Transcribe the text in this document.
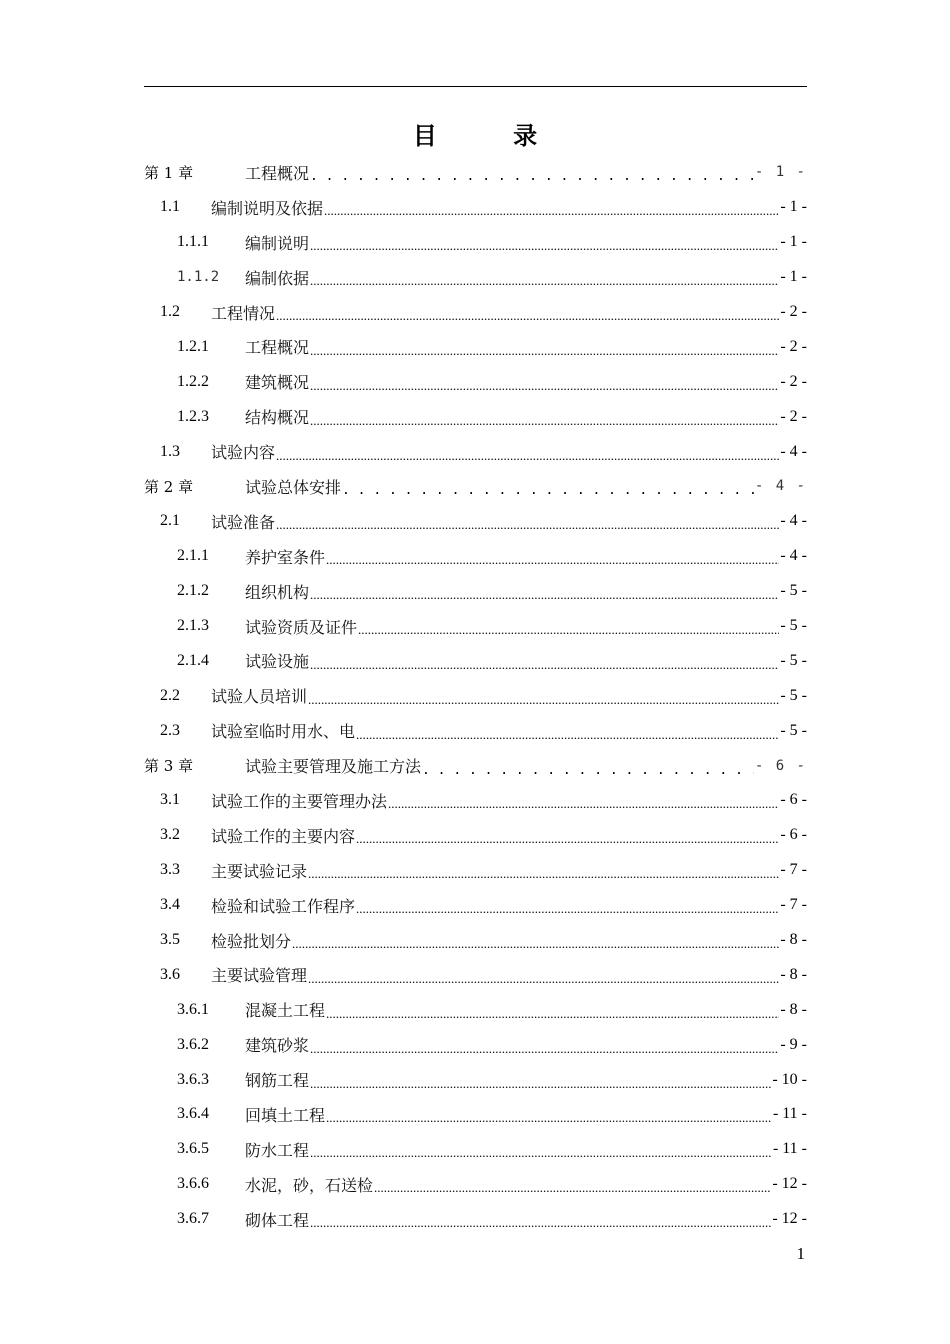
目 录
第 1 章	工程概况 . . .	- 1 -
1.1	编制说明及依据 .....	- 1 -
1.1.1	编制说明 .....	- 1 -
1.1.2	编制依据 .....	- 1 -
1.2	工程情况 .....	- 2 -
1.2.1	工程概况 .....	- 2 -
1.2.2	建筑概况 .....	- 2 -
1.2.3	结构概况 .....	- 2 -
1.3	试验内容 .....	- 4 -
第 2 章	试验总体安排 . . .	- 4 -
2.1	试验准备 .....	- 4 -
2.1.1	养护室条件 .....	- 4 -
2.1.2	组织机构 .....	- 5 -
2.1.3	试验资质及证件 .....	- 5 -
2.1.4	试验设施 .....	- 5 -
2.2	试验人员培训 .....	- 5 -
2.3	试验室临时用水、电 .....	- 5 -
第 3 章	试验主要管理及施工方法 . . .	- 6 -
3.1	试验工作的主要管理办法 .....	- 6 -
3.2	试验工作的主要内容 .....	- 6 -
3.3	主要试验记录 .....	- 7 -
3.4	检验和试验工作程序 .....	- 7 -
3.5	检验批划分 .....	- 8 -
3.6	主要试验管理 .....	- 8 -
3.6.1	混凝土工程 .....	- 8 -
3.6.2	建筑砂浆 .....	- 9 -
3.6.3	钢筋工程 .....	- 10 -
3.6.4	回填土工程 .....	- 11 -
3.6.5	防水工程 .....	- 11 -
3.6.6	水泥，砂，石送检 .....	- 12 -
3.6.7	砌体工程 .....	- 12 -
1
